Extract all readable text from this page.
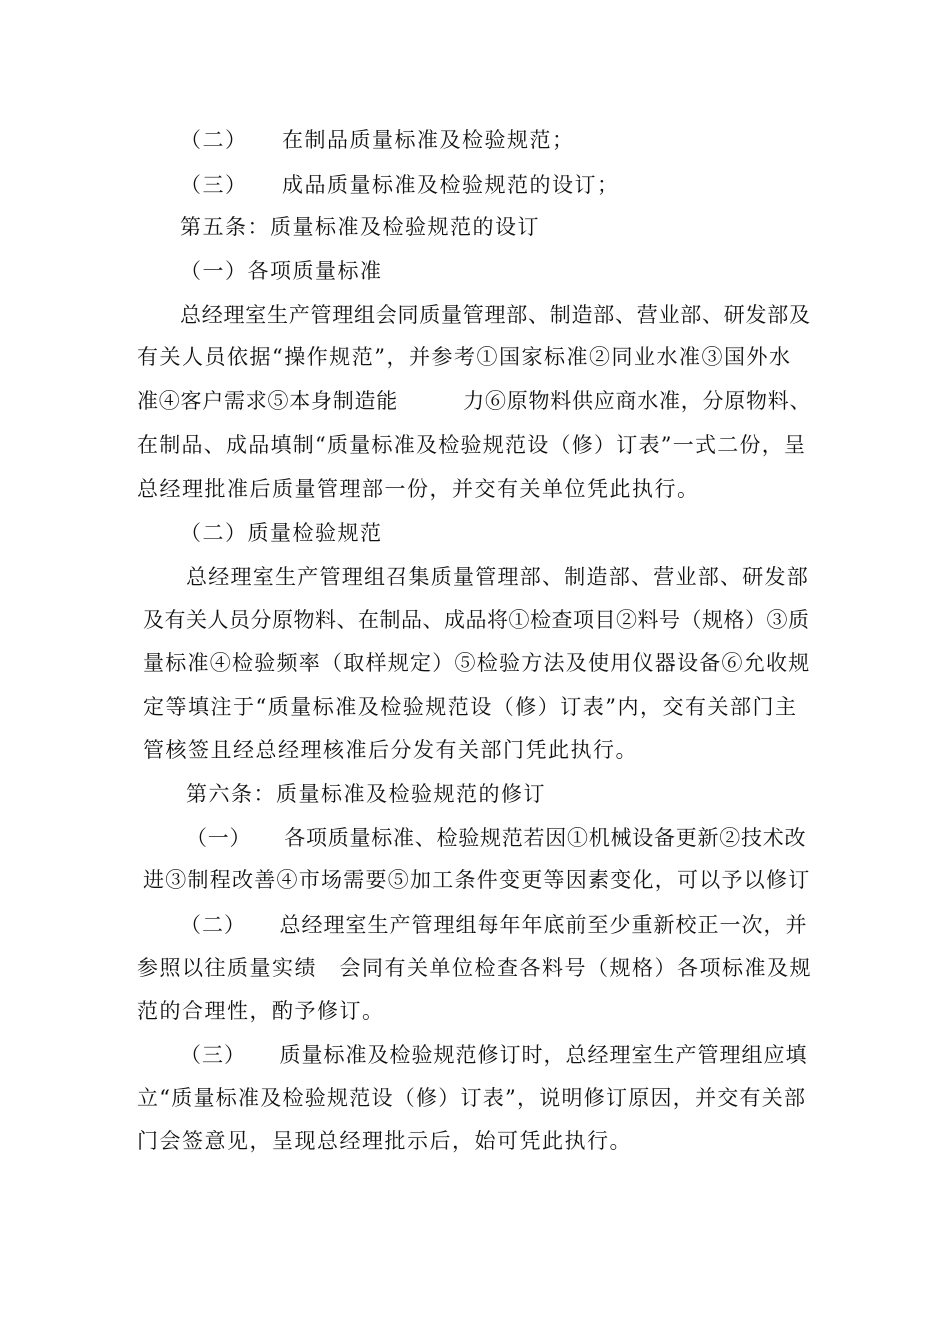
（二）　　在制品质量标准及检验规范；
（三）　　成品质量标准及检验规范的设订；
第五条：质量标准及检验规范的设订
（一）各项质量标准
总经理室生产管理组会同质量管理部、制造部、营业部、研发部及
有关人员依据“操作规范”，并参考①国家标准②同业水准③国外水
准④客户需求⑤本身制造能　　　力⑥原物料供应商水准，分原物料、
在制品、成品填制“质量标准及检验规范设（修）订表”一式二份，呈
总经理批准后质量管理部一份，并交有关单位凭此执行。
（二）质量检验规范
总经理室生产管理组召集质量管理部、制造部、营业部、研发部
及有关人员分原物料、在制品、成品将①检查项目②料号（规格）③质
量标准④检验频率（取样规定）⑤检验方法及使用仪器设备⑥允收规
定等填注于“质量标准及检验规范设（修）订表”内，交有关部门主
管核签且经总经理核准后分发有关部门凭此执行。
第六条：质量标准及检验规范的修订
（一）　　各项质量标准、检验规范若因①机械设备更新②技术改
进③制程改善④市场需要⑤加工条件变更等因素变化，可以予以修订
（二）　　总经理室生产管理组每年年底前至少重新校正一次，并
参照以往质量实绩　会同有关单位检查各料号（规格）各项标准及规
范的合理性，酌予修订。
（三）　　质量标准及检验规范修订时，总经理室生产管理组应填
立“质量标准及检验规范设（修）订表”，说明修订原因，并交有关部
门会签意见，呈现总经理批示后，始可凭此执行。
